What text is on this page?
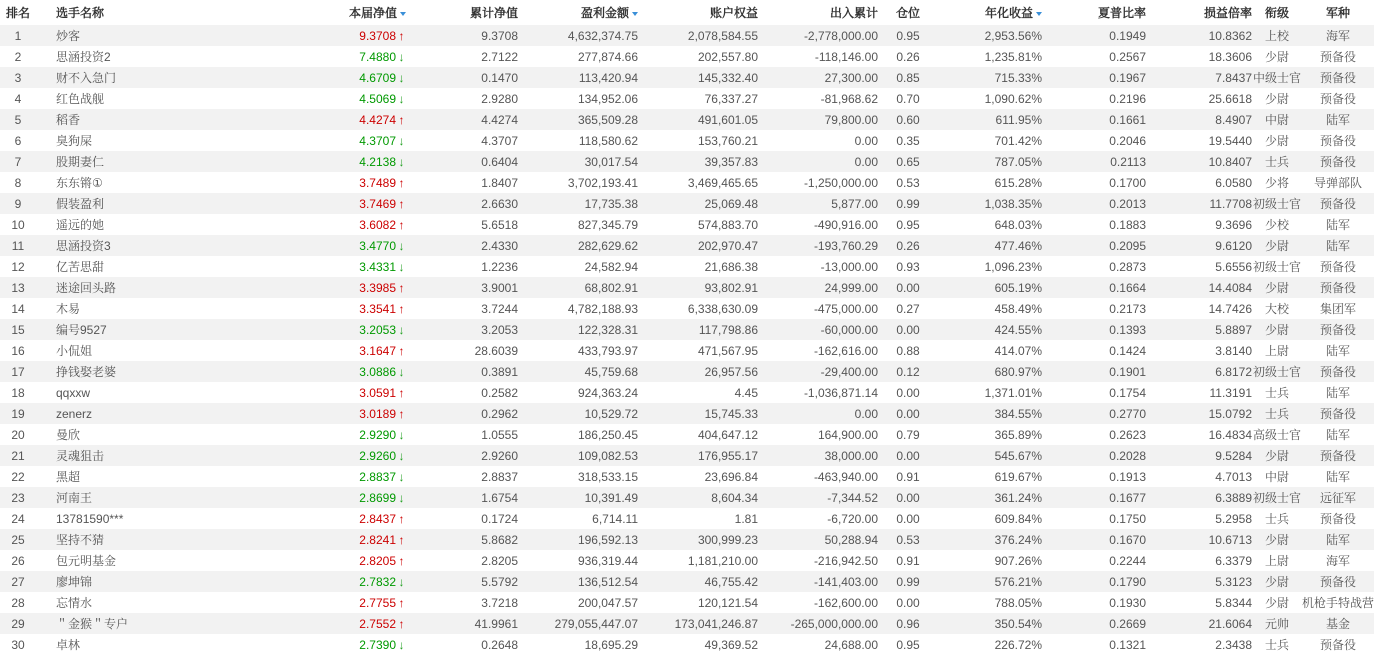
排名	选手名称	本届净值	累计净值	盈利金额	账户权益	出入累计	仓位	年化收益	夏普比率	损益倍率	衔级	军种
1	炒客	9.3708 ↑	9.3708	4,632,374.75	2,078,584.55	-2,778,000.00	0.95	2,953.56%	0.1949	10.8362	上校	海军
2	思涵投资2	7.4880 ↓	2.7122	277,874.66	202,557.80	-118,146.00	0.26	1,235.81%	0.2567	18.3606	少尉	预备役
3	财不入急门	4.6709 ↓	0.1470	113,420.94	145,332.40	27,300.00	0.85	715.33%	0.1967	7.8437	中级士官	预备役
4	红色战舰	4.5069 ↓	2.9280	134,952.06	76,337.27	-81,968.62	0.70	1,090.62%	0.2196	25.6618	少尉	预备役
5	稻香	4.4274 ↑	4.4274	365,509.28	491,601.05	79,800.00	0.60	611.95%	0.1661	8.4907	中尉	陆军
6	臭狗屎	4.3707 ↓	4.3707	118,580.62	153,760.21	0.00	0.35	701.42%	0.2046	19.5440	少尉	预备役
7	股期妻仁	4.2138 ↓	0.6404	30,017.54	39,357.83	0.00	0.65	787.05%	0.2113	10.8407	士兵	预备役
8	东东锵①	3.7489 ↑	1.8407	3,702,193.41	3,469,465.65	-1,250,000.00	0.53	615.28%	0.1700	6.0580	少将	导弹部队
9	假装盈利	3.7469 ↑	2.6630	17,735.38	25,069.48	5,877.00	0.99	1,038.35%	0.2013	11.7708	初级士官	预备役
10	遥远的她	3.6082 ↑	5.6518	827,345.79	574,883.70	-490,916.00	0.95	648.03%	0.1883	9.3696	少校	陆军
11	思涵投资3	3.4770 ↓	2.4330	282,629.62	202,970.47	-193,760.29	0.26	477.46%	0.2095	9.6120	少尉	陆军
12	亿苦思甜	3.4331 ↓	1.2236	24,582.94	21,686.38	-13,000.00	0.93	1,096.23%	0.2873	5.6556	初级士官	预备役
13	迷途回头路	3.3985 ↑	3.9001	68,802.91	93,802.91	24,999.00	0.00	605.19%	0.1664	14.4084	少尉	预备役
14	木易	3.3541 ↑	3.7244	4,782,188.93	6,338,630.09	-475,000.00	0.27	458.49%	0.2173	14.7426	大校	集团军
15	编号9527	3.2053 ↓	3.2053	122,328.31	117,798.86	-60,000.00	0.00	424.55%	0.1393	5.8897	少尉	预备役
16	小侃姐	3.1647 ↑	28.6039	433,793.97	471,567.95	-162,616.00	0.88	414.07%	0.1424	3.8140	上尉	陆军
17	挣钱娶老婆	3.0886 ↓	0.3891	45,759.68	26,957.56	-29,400.00	0.12	680.97%	0.1901	6.8172	初级士官	预备役
18	qqxxw	3.0591 ↑	0.2582	924,363.24	4.45	-1,036,871.14	0.00	1,371.01%	0.1754	11.3191	士兵	陆军
19	zenerz	3.0189 ↑	0.2962	10,529.72	15,745.33	0.00	0.00	384.55%	0.2770	15.0792	士兵	预备役
20	曼欣	2.9290 ↓	1.0555	186,250.45	404,647.12	164,900.00	0.79	365.89%	0.2623	16.4834	高级士官	陆军
21	灵魂狙击	2.9260 ↓	2.9260	109,082.53	176,955.17	38,000.00	0.00	545.67%	0.2028	9.5284	少尉	预备役
22	黑超	2.8837 ↓	2.8837	318,533.15	23,696.84	-463,940.00	0.91	619.67%	0.1913	4.7013	中尉	陆军
23	河南王	2.8699 ↓	1.6754	10,391.49	8,604.34	-7,344.52	0.00	361.24%	0.1677	6.3889	初级士官	远征军
24	13781590***	2.8437 ↑	0.1724	6,714.11	1.81	-6,720.00	0.00	609.84%	0.1750	5.2958	士兵	预备役
25	坚持不猜	2.8241 ↑	5.8682	196,592.13	300,999.23	50,288.94	0.53	376.24%	0.1670	10.6713	少尉	陆军
26	包元明基金	2.8205 ↑	2.8205	936,319.44	1,181,210.00	-216,942.50	0.91	907.26%	0.2244	6.3379	上尉	海军
27	廖坤锦	2.7832 ↓	5.5792	136,512.54	46,755.42	-141,403.00	0.99	576.21%	0.1790	5.3123	少尉	预备役
28	忘情水	2.7755 ↑	3.7218	200,047.57	120,121.54	-162,600.00	0.00	788.05%	0.1930	5.8344	少尉	机枪手特战营
29	＂金猴＂专户	2.7552 ↑	41.9961	279,055,447.07	173,041,246.87	-265,000,000.00	0.96	350.54%	0.2669	21.6064	元帅	基金
30	卓林	2.7390 ↓	0.2648	18,695.29	49,369.52	24,688.00	0.95	226.72%	0.1321	2.3438	士兵	预备役
